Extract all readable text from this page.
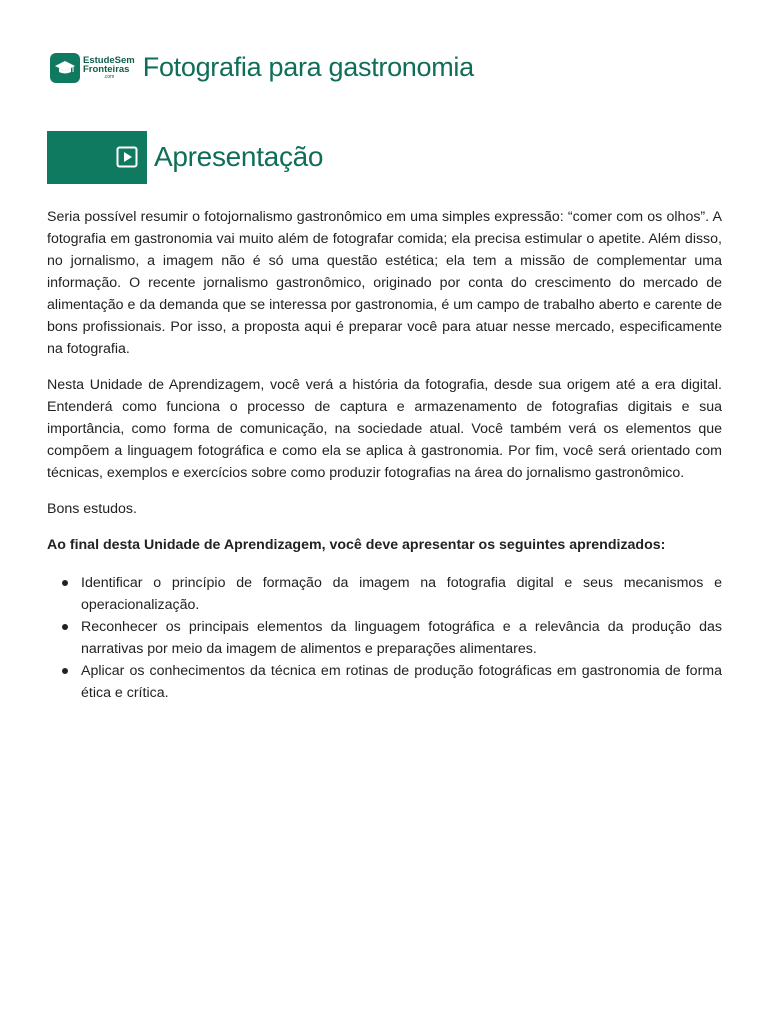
EstudeSem
Fronteiras
.com	Fotografia para gastronomia
Apresentação

Seria possível resumir o fotojornalismo gastronômico em uma simples expressão: “comer com os olhos”. A fotografia em gastronomia vai muito além de fotografar comida; ela precisa estimular o apetite. Além disso, no jornalismo, a imagem não é só uma questão estética; ela tem a missão de complementar uma informação. O recente jornalismo gastronômico, originado por conta do crescimento do mercado de alimentação e da demanda que se interessa por gastronomia, é um campo de trabalho aberto e carente de bons profissionais. Por isso, a proposta aqui é preparar você para atuar nesse mercado, especificamente na fotografia.

Nesta Unidade de Aprendizagem, você verá a história da fotografia, desde sua origem até a era digital. Entenderá como funciona o processo de captura e armazenamento de fotografias digitais e sua importância, como forma de comunicação, na sociedade atual. Você também verá os elementos que compõem a linguagem fotográfica e como ela se aplica à gastronomia. Por fim, você será orientado com técnicas, exemplos e exercícios sobre como produzir fotografias na área do jornalismo gastronômico.

Bons estudos.

Ao final desta Unidade de Aprendizagem, você deve apresentar os seguintes aprendizados:

Identificar o princípio de formação da imagem na fotografia digital e seus mecanismos e operacionalização.
Reconhecer os principais elementos da linguagem fotográfica e a relevância da produção das narrativas por meio da imagem de alimentos e preparações alimentares.
Aplicar os conhecimentos da técnica em rotinas de produção fotográficas em gastronomia de forma ética e crítica.
